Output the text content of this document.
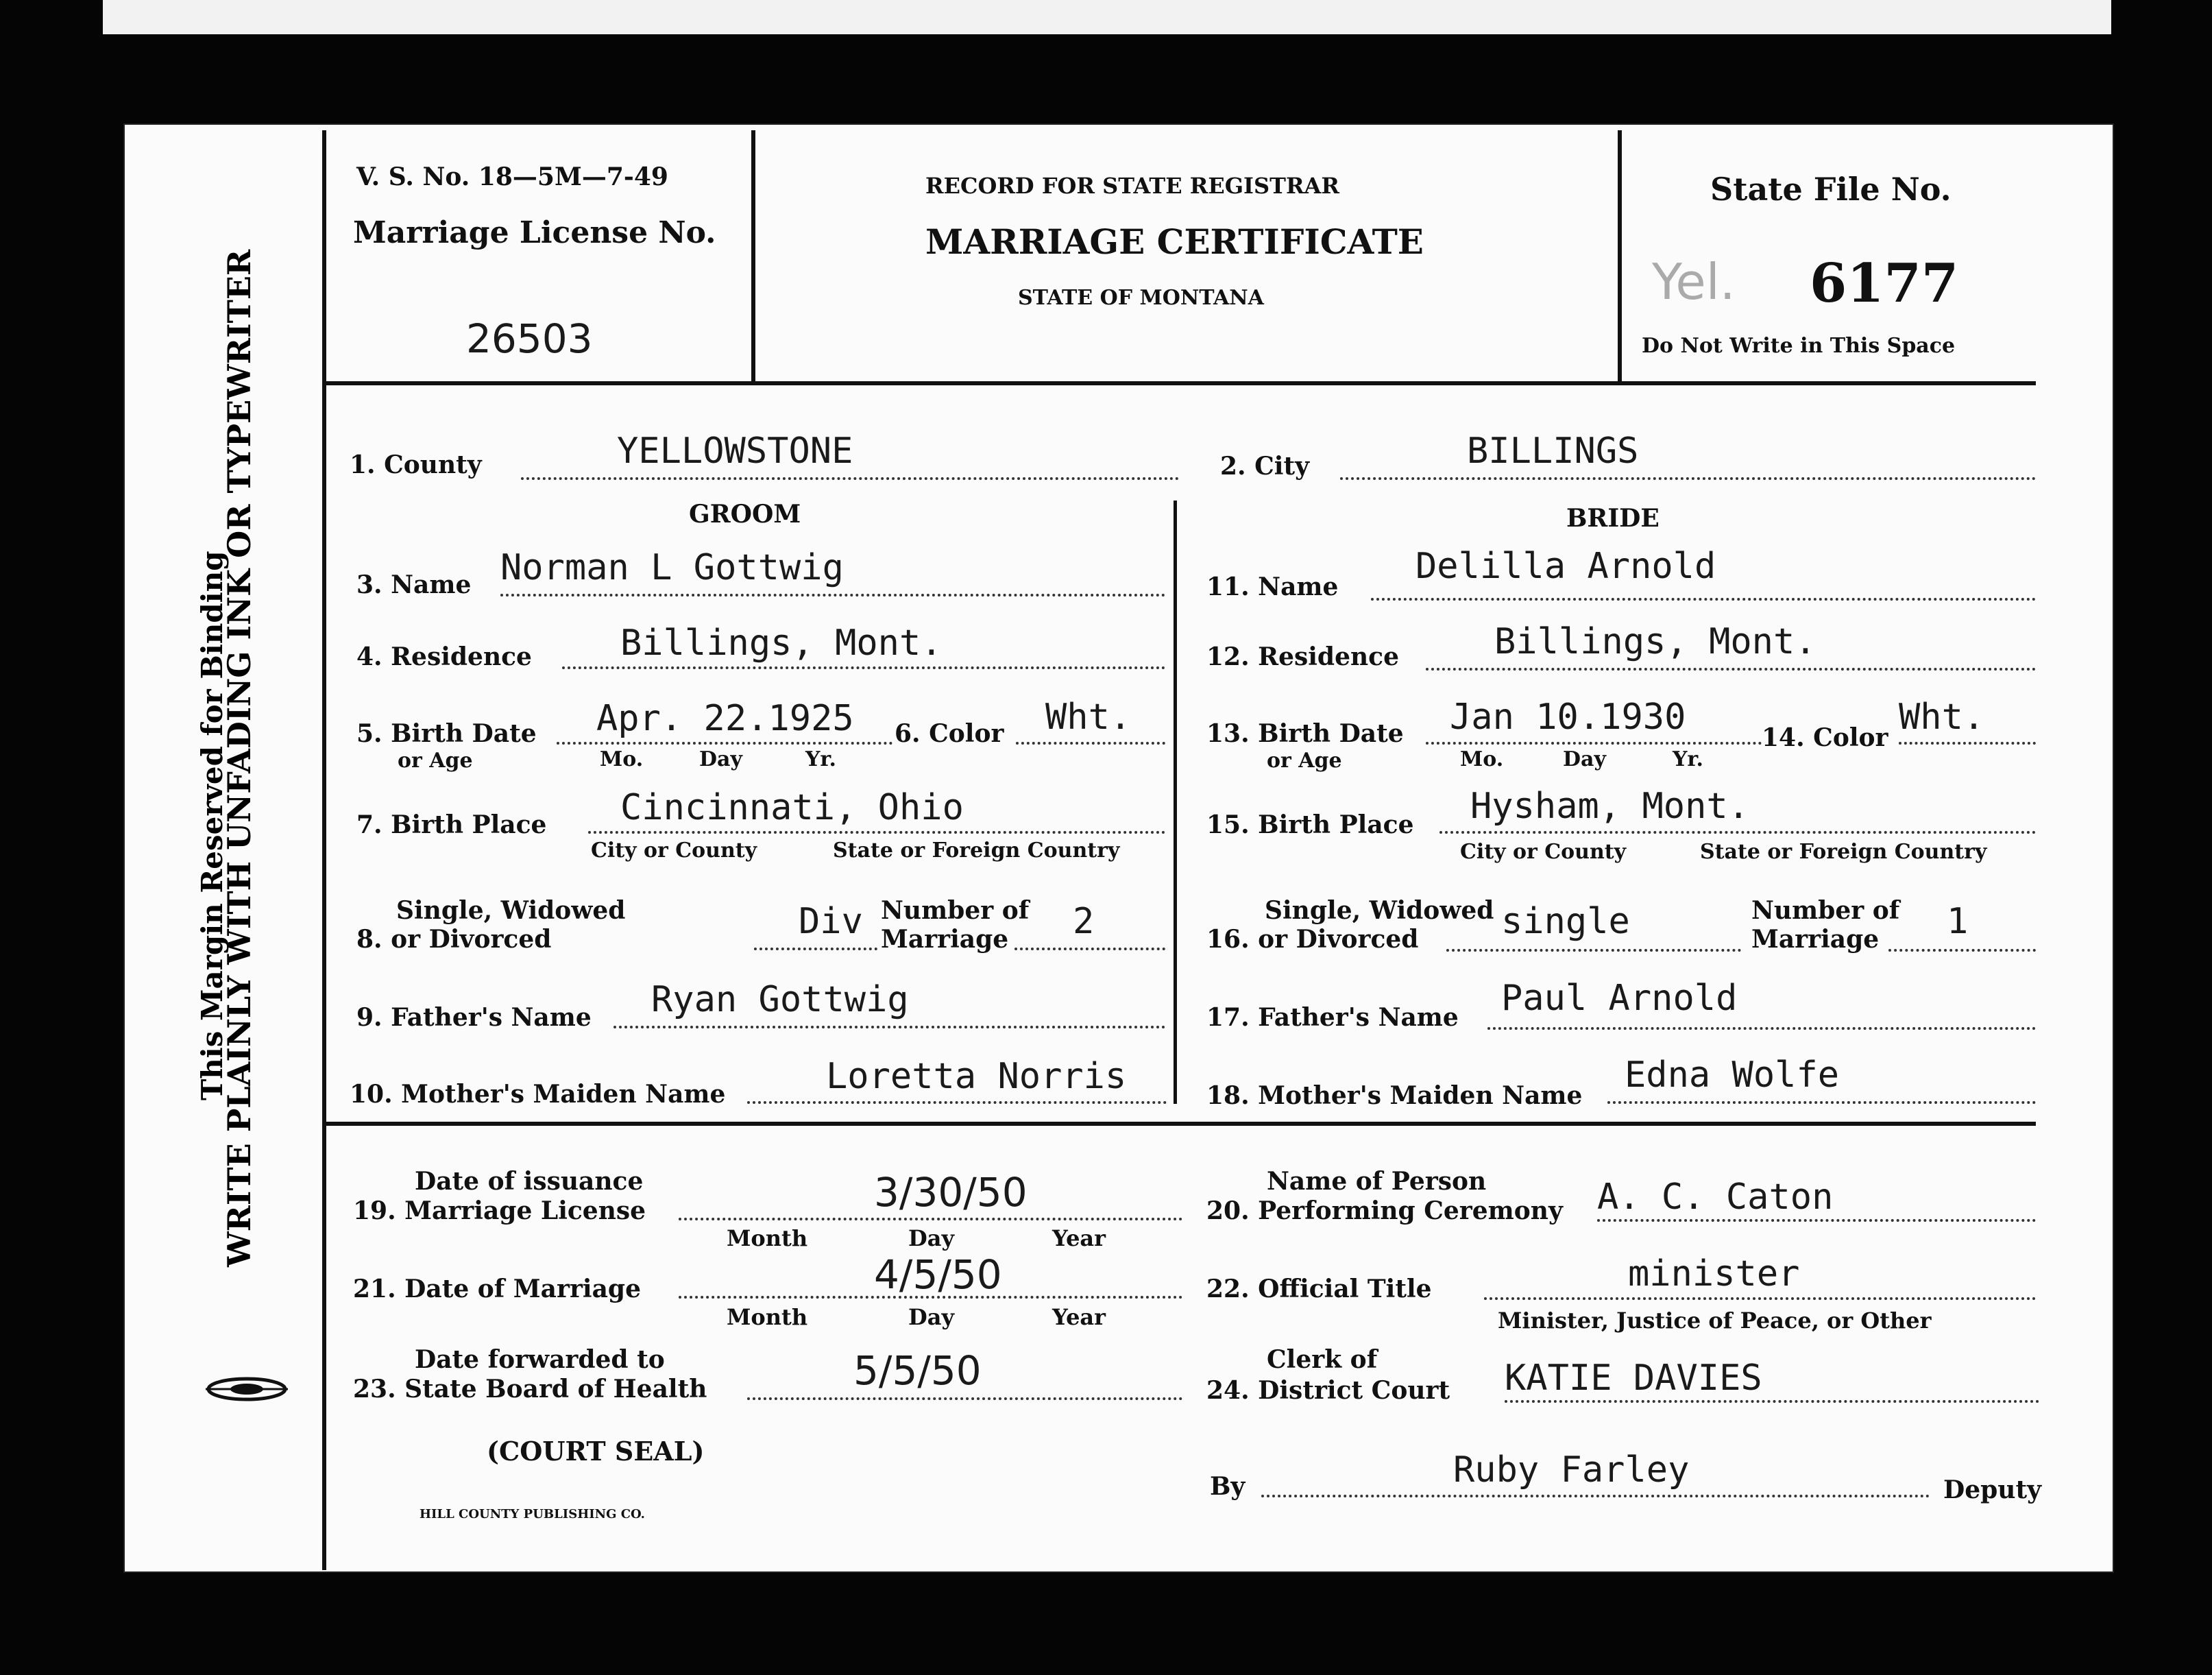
This Margin Reserved for Binding
WRITE PLAINLY WITH UNFADING INK OR TYPEWRITER
V. S. No. 18—5M—7-49
Marriage License No.
26503
RECORD FOR STATE REGISTRAR
MARRIAGE CERTIFICATE
STATE OF MONTANA
State File No.
Yel. 6177
Do Not Write in This Space
1. County	YELLOWSTONE	2. City	BILLINGS
GROOM	BRIDE
3. Name Norman L Gottwig
4. Residence Billings, Mont.
5. Birth Date
or Age
Apr. 22.1925
Mo.	Day	Yr.
6. Color Wht.
7. Birth Place Cincinnati, Ohio
City or County	State or Foreign Country
Single, Widowed
8. or Divorced	Div Number of
Marriage 2
9. Father's Name Ryan Gottwig
10. Mother's Maiden Name	Loretta Norris
11. Name Delilla Arnold
12. Residence	Billings, Mont.
13. Birth Date
or Age
Jan 10.1930
Mo.	Day	Yr.
14. Color Wht.
15. Birth Place Hysham, Mont.
City or County	State or Foreign Country
Single, Widowed
16. or Divorced single	Number of
Marriage 1
17. Father's Name Paul Arnold
18. Mother's Maiden Name Edna Wolfe
Date of issuance
19. Marriage License	3/30/50
Month	Day	Year
21. Date of Marriage	4/5/50
Month	Day	Year
Date forwarded to
23. State Board of Health	5/5/50
(COURT SEAL)
HILL COUNTY PUBLISHING CO.
Name of Person
20. Performing Ceremony A. C. Caton
22. Official Title	minister
Minister, Justice of Peace, or Other
Clerk of
24. District Court KATIE DAVIES
By	Ruby Farley	Deputy
